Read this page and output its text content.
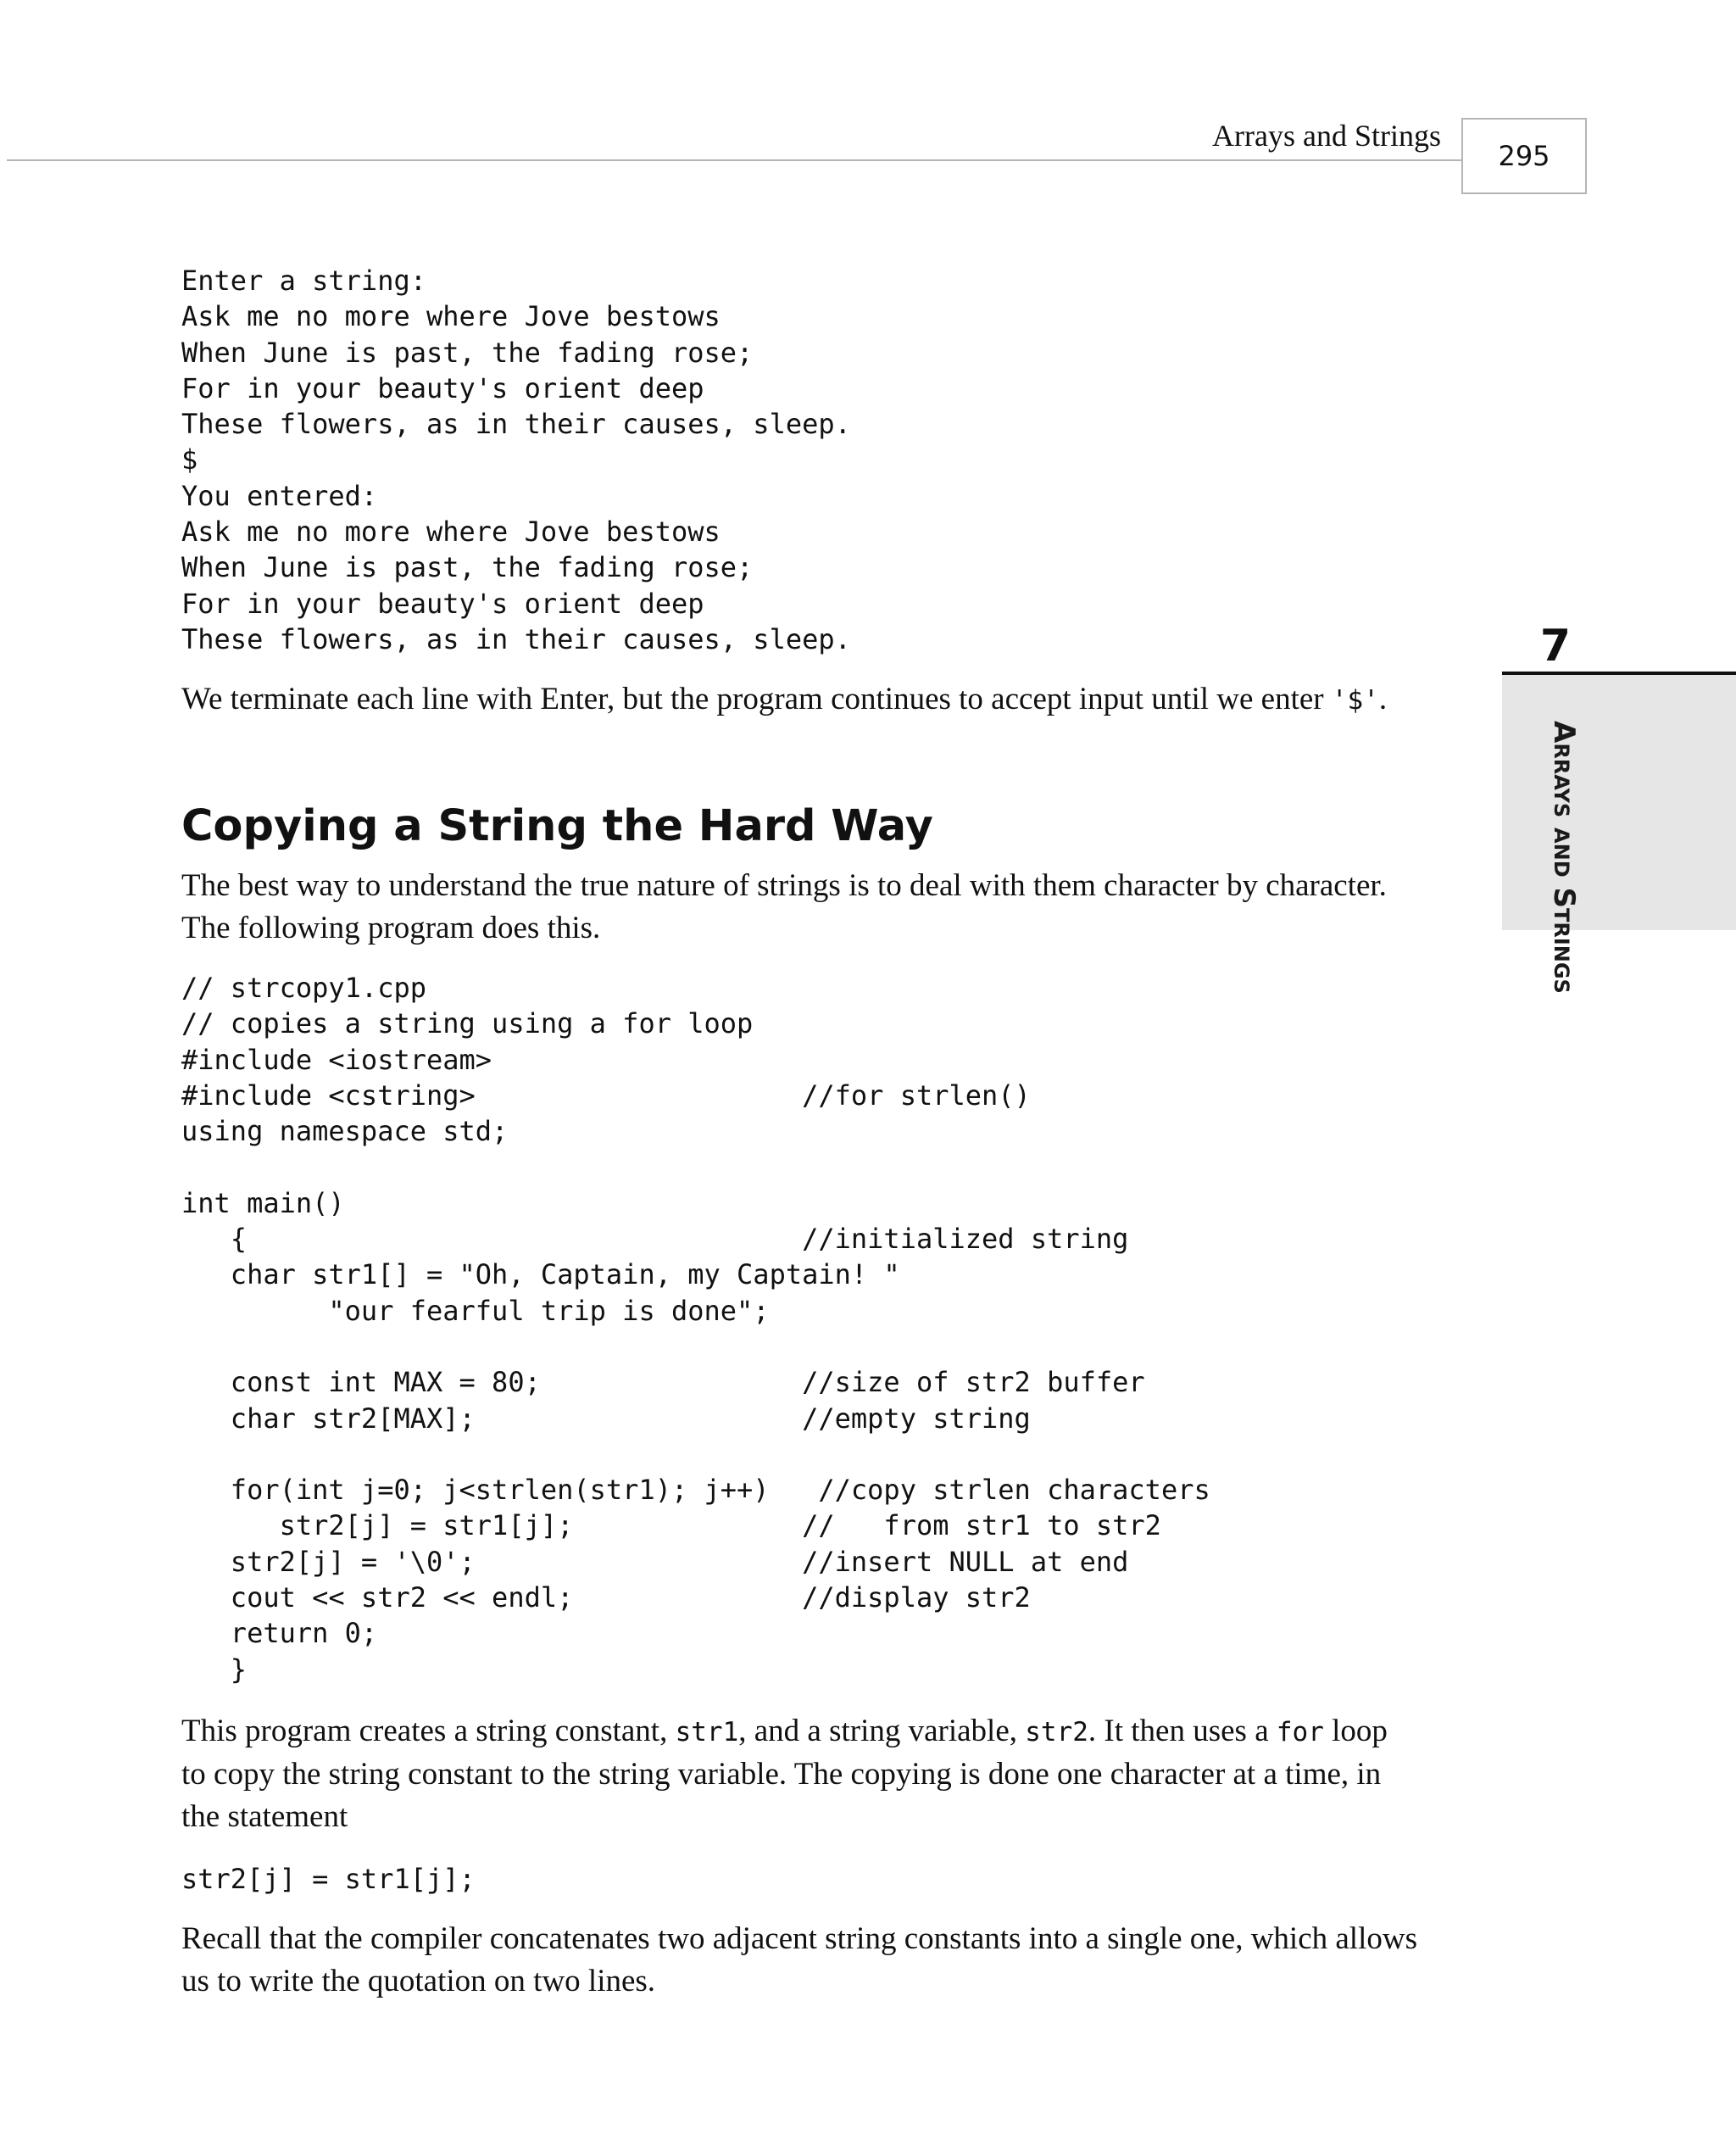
Arrays and Strings
295
7
Arrays and Strings
Enter a string:
Ask me no more where Jove bestows
When June is past, the fading rose;
For in your beauty's orient deep
These flowers, as in their causes, sleep.
$
You entered:
Ask me no more where Jove bestows
When June is past, the fading rose;
For in your beauty's orient deep
These flowers, as in their causes, sleep.

We terminate each line with Enter, but the program continues to accept input until we enter '$'.

Copying a String the Hard Way

The best way to understand the true nature of strings is to deal with them character by character. The following program does this.

// strcopy1.cpp
// copies a string using a for loop
#include <iostream>
#include <cstring>                    //for strlen()
using namespace std;

int main()
{                                  //initialized string
char str1[] = "Oh, Captain, my Captain! "
"our fearful trip is done";

const int MAX = 80;                //size of str2 buffer
char str2[MAX];                    //empty string

for(int j=0; j<strlen(str1); j++)   //copy strlen characters
str2[j] = str1[j];              //   from str1 to str2
str2[j] = '\0';                    //insert NULL at end
cout << str2 << endl;              //display str2
return 0;
}

This program creates a string constant, str1, and a string variable, str2. It then uses a for loop to copy the string constant to the string variable. The copying is done one character at a time, in the statement

str2[j] = str1[j];

Recall that the compiler concatenates two adjacent string constants into a single one, which allows us to write the quotation on two lines.
